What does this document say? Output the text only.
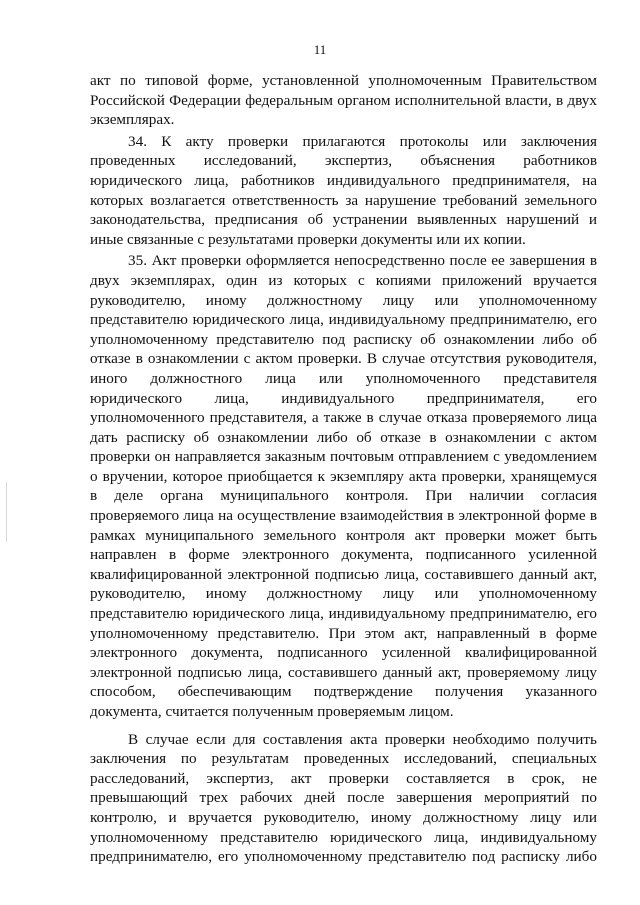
11

акт по типовой форме, установленной уполномоченным Правительством
Российской Федерации федеральным органом исполнительной власти, в двух
экземплярах.

34. К акту проверки прилагаются протоколы или заключения
проведенных исследований, экспертиз, объяснения работников
юридического лица, работников индивидуального предпринимателя, на
которых возлагается ответственность за нарушение требований земельного
законодательства, предписания об устранении выявленных нарушений и
иные связанные с результатами проверки документы или их копии.

35. Акт проверки оформляется непосредственно после ее завершения в
двух экземплярах, один из которых с копиями приложений вручается
руководителю, иному должностному лицу или уполномоченному
представителю юридического лица, индивидуальному предпринимателю, его
уполномоченному представителю под расписку об ознакомлении либо об
отказе в ознакомлении с актом проверки. В случае отсутствия руководителя,
иного должностного лица или уполномоченного представителя
юридического лица, индивидуального предпринимателя, его
уполномоченного представителя, а также в случае отказа проверяемого лица
дать расписку об ознакомлении либо об отказе в ознакомлении с актом
проверки он направляется заказным почтовым отправлением с уведомлением
о вручении, которое приобщается к экземпляру акта проверки, хранящемуся
в деле органа муниципального контроля. При наличии согласия
проверяемого лица на осуществление взаимодействия в электронной форме в
рамках муниципального земельного контроля акт проверки может быть
направлен в форме электронного документа, подписанного усиленной
квалифицированной электронной подписью лица, составившего данный акт,
руководителю, иному должностному лицу или уполномоченному
представителю юридического лица, индивидуальному предпринимателю, его
уполномоченному представителю. При этом акт, направленный в форме
электронного документа, подписанного усиленной квалифицированной
электронной подписью лица, составившего данный акт, проверяемому лицу
способом, обеспечивающим подтверждение получения указанного
документа, считается полученным проверяемым лицом.

В случае если для составления акта проверки необходимо получить
заключения по результатам проведенных исследований, специальных
расследований, экспертиз, акт проверки составляется в срок, не
превышающий трех рабочих дней после завершения мероприятий по
контролю, и вручается руководителю, иному должностному лицу или
уполномоченному представителю юридического лица, индивидуальному
предпринимателю, его уполномоченному представителю под расписку либо
